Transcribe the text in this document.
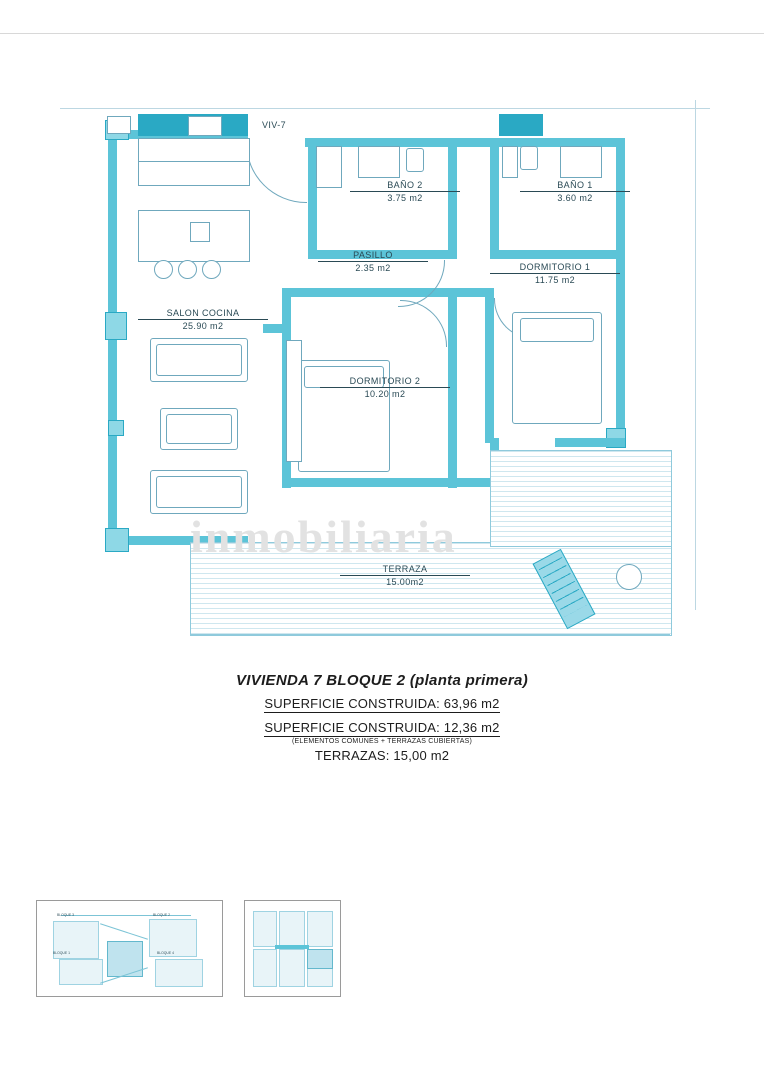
VIV-7
BAÑO 2
3.75 m2
BAÑO 1
3.60 m2
PASILLO
2.35 m2	DORMITORIO 1
11.75 m2
SALON COCINA
25.90 m2
DORMITORIO 2
10.20 m2
TERRAZA
15.00m2
inmobiliaria
VIVIENDA 7 BLOQUE 2 (planta primera)
SUPERFICIE CONSTRUIDA: 63,96 m2
SUPERFICIE CONSTRUIDA: 12,36 m2
(ELEMENTOS COMUNES + TERRAZAS CUBIERTAS)
TERRAZAS: 15,00 m2
BLOQUE 3	BLOQUE 2
BLOQUE 1	BLOQUE 4
